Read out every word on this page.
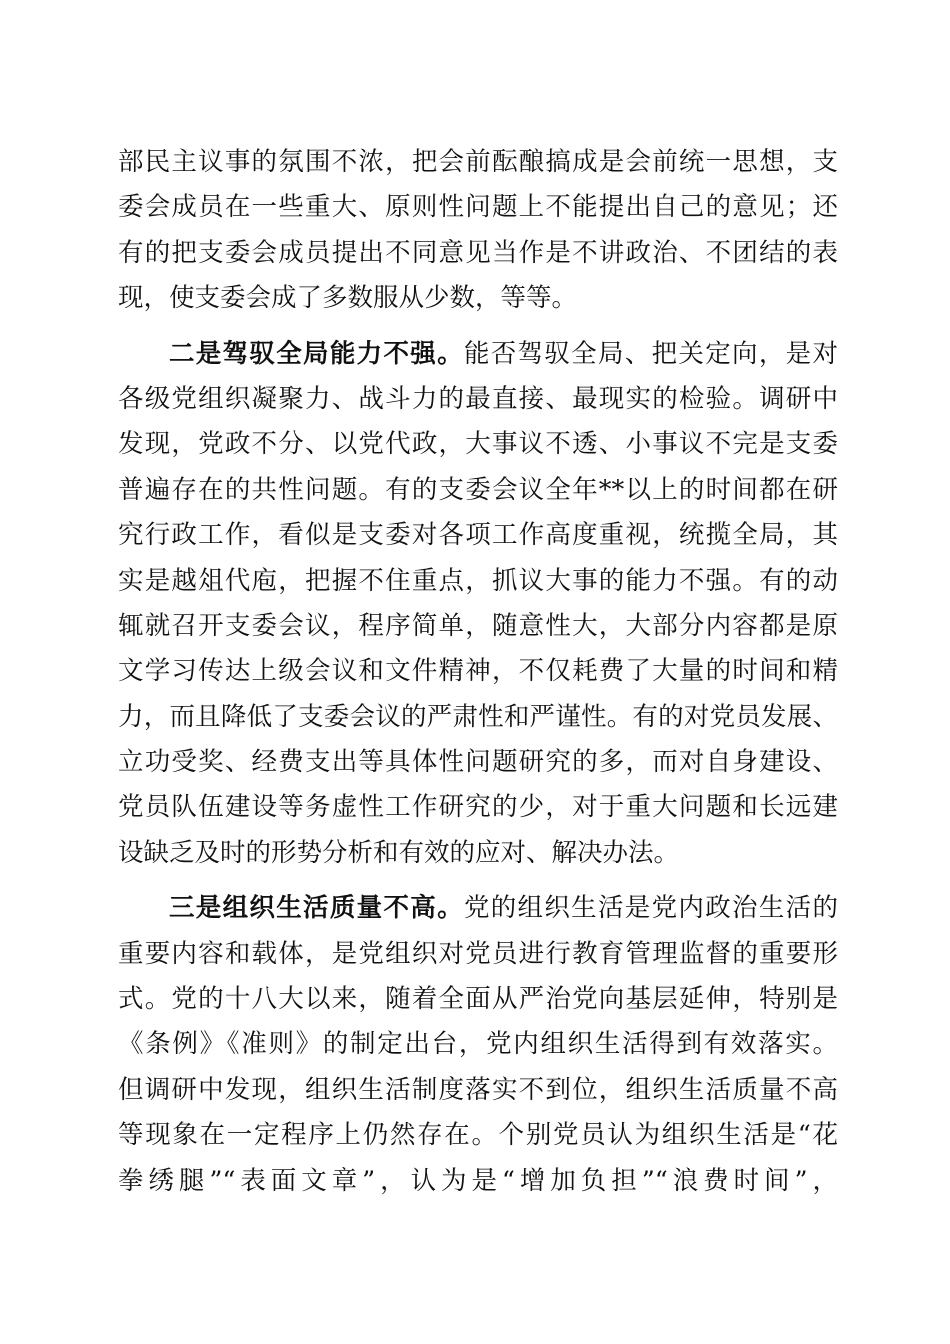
部民主议事的氛围不浓，把会前酝酿搞成是会前统一思想，支
委会成员在一些重大、原则性问题上不能提出自己的意见；还
有的把支委会成员提出不同意见当作是不讲政治、不团结的表
现，使支委会成了多数服从少数，等等。
二是驾驭全局能力不强。能否驾驭全局、把关定向，是对
各级党组织凝聚力、战斗力的最直接、最现实的检验。调研中
发现，党政不分、以党代政，大事议不透、小事议不完是支委
普遍存在的共性问题。有的支委会议全年**以上的时间都在研
究行政工作，看似是支委对各项工作高度重视，统揽全局，其
实是越俎代庖，把握不住重点，抓议大事的能力不强。有的动
辄就召开支委会议，程序简单，随意性大，大部分内容都是原
文学习传达上级会议和文件精神，不仅耗费了大量的时间和精
力，而且降低了支委会议的严肃性和严谨性。有的对党员发展、
立功受奖、经费支出等具体性问题研究的多，而对自身建设、
党员队伍建设等务虚性工作研究的少，对于重大问题和长远建
设缺乏及时的形势分析和有效的应对、解决办法。
三是组织生活质量不高。党的组织生活是党内政治生活的
重要内容和载体，是党组织对党员进行教育管理监督的重要形
式。党的十八大以来，随着全面从严治党向基层延伸，特别是
《条例》《准则》的制定出台，党内组织生活得到有效落实。
但调研中发现，组织生活制度落实不到位，组织生活质量不高
等现象在一定程序上仍然存在。个别党员认为组织生活是“花
拳绣腿”“表面文章”，认为是“增加负担”“浪费时间”，
